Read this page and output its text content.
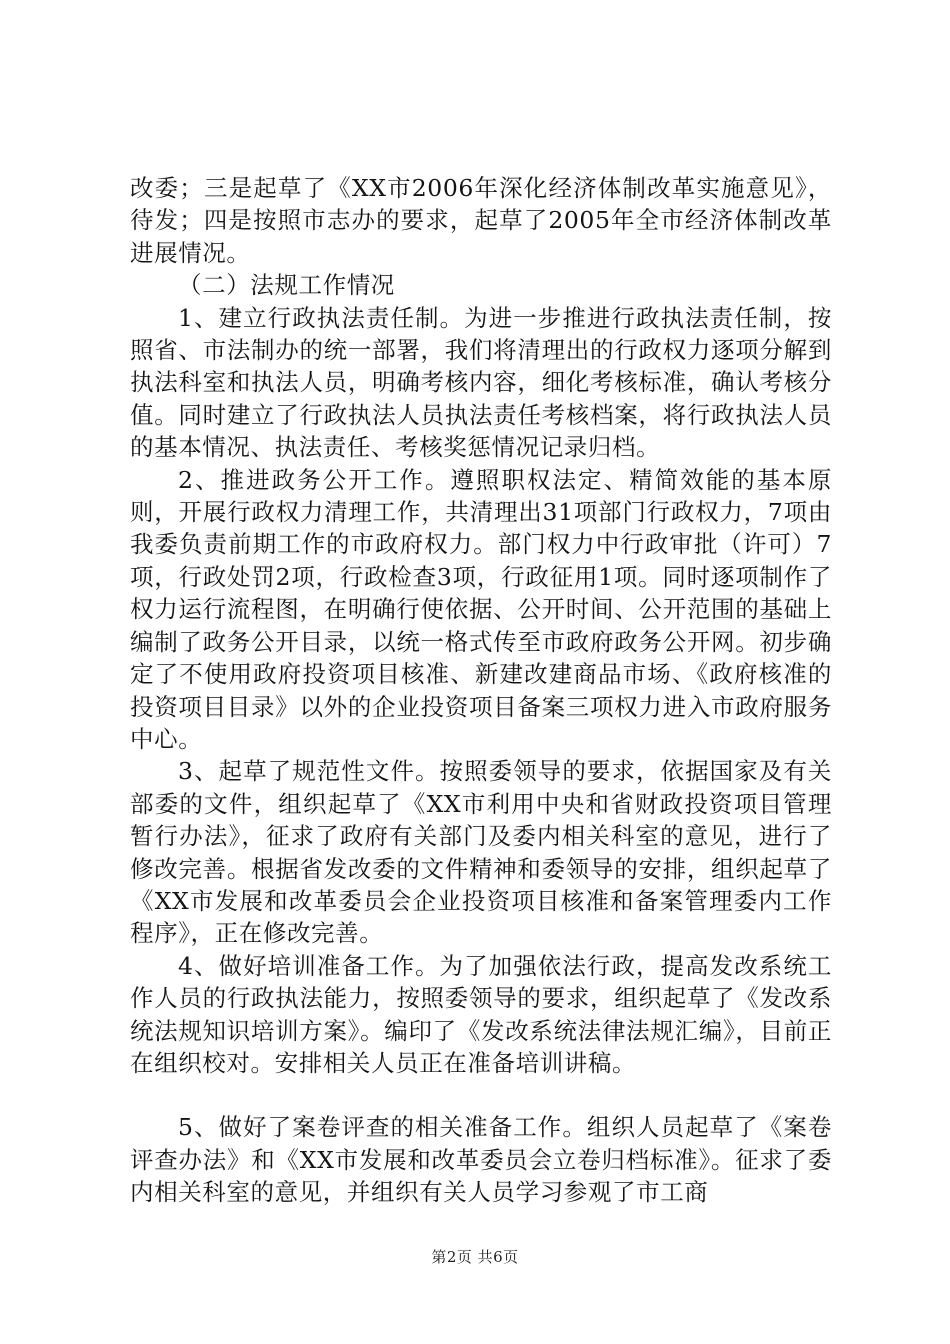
改委；三是起草了《XX市2006年深化经济体制改革实施意见》，待发；四是按照市志办的要求，起草了2005年全市经济体制改革进展情况。

（二）法规工作情况

1、建立行政执法责任制。为进一步推进行政执法责任制，按照省、市法制办的统一部署，我们将清理出的行政权力逐项分解到执法科室和执法人员，明确考核内容，细化考核标准，确认考核分值。同时建立了行政执法人员执法责任考核档案，将行政执法人员的基本情况、执法责任、考核奖惩情况记录归档。

2、推进政务公开工作。遵照职权法定、精简效能的基本原则，开展行政权力清理工作，共清理出31项部门行政权力，7项由我委负责前期工作的市政府权力。部门权力中行政审批（许可）7项，行政处罚2项，行政检查3项，行政征用1项。同时逐项制作了权力运行流程图，在明确行使依据、公开时间、公开范围的基础上编制了政务公开目录，以统一格式传至市政府政务公开网。初步确定了不使用政府投资项目核准、新建改建商品市场、《政府核准的投资项目目录》以外的企业投资项目备案三项权力进入市政府服务中心。

3、起草了规范性文件。按照委领导的要求，依据国家及有关部委的文件，组织起草了《XX市利用中央和省财政投资项目管理暂行办法》，征求了政府有关部门及委内相关科室的意见，进行了修改完善。根据省发改委的文件精神和委领导的安排，组织起草了《XX市发展和改革委员会企业投资项目核准和备案管理委内工作程序》，正在修改完善。

4、做好培训准备工作。为了加强依法行政，提高发改系统工作人员的行政执法能力，按照委领导的要求，组织起草了《发改系统法规知识培训方案》。编印了《发改系统法律法规汇编》，目前正在组织校对。安排相关人员正在准备培训讲稿。

5、做好了案卷评查的相关准备工作。组织人员起草了《案卷评查办法》和《XX市发展和改革委员会立卷归档标准》。征求了委内相关科室的意见，并组织有关人员学习参观了市工商

第2页 共6页
